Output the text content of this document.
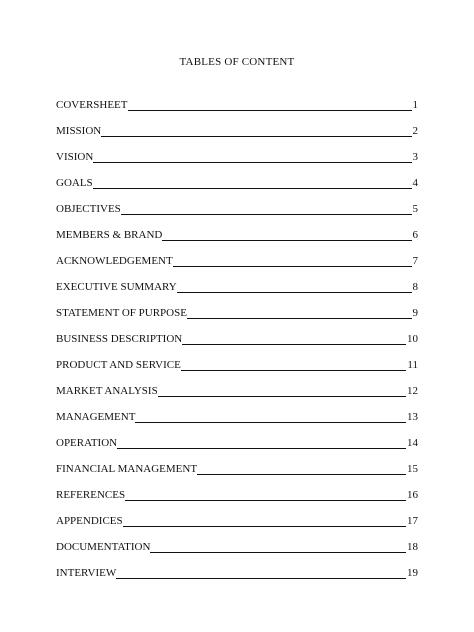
TABLES OF CONTENT
COVERSHEET	1
MISSION	2
VISION	3
GOALS	4
OBJECTIVES	5
MEMBERS & BRAND	6
ACKNOWLEDGEMENT	7
EXECUTIVE SUMMARY	8
STATEMENT OF PURPOSE	9
BUSINESS DESCRIPTION	10
PRODUCT AND SERVICE	11
MARKET ANALYSIS	12
MANAGEMENT	13
OPERATION	14
FINANCIAL MANAGEMENT	15
REFERENCES	16
APPENDICES	17
DOCUMENTATION	18
INTERVIEW	19
